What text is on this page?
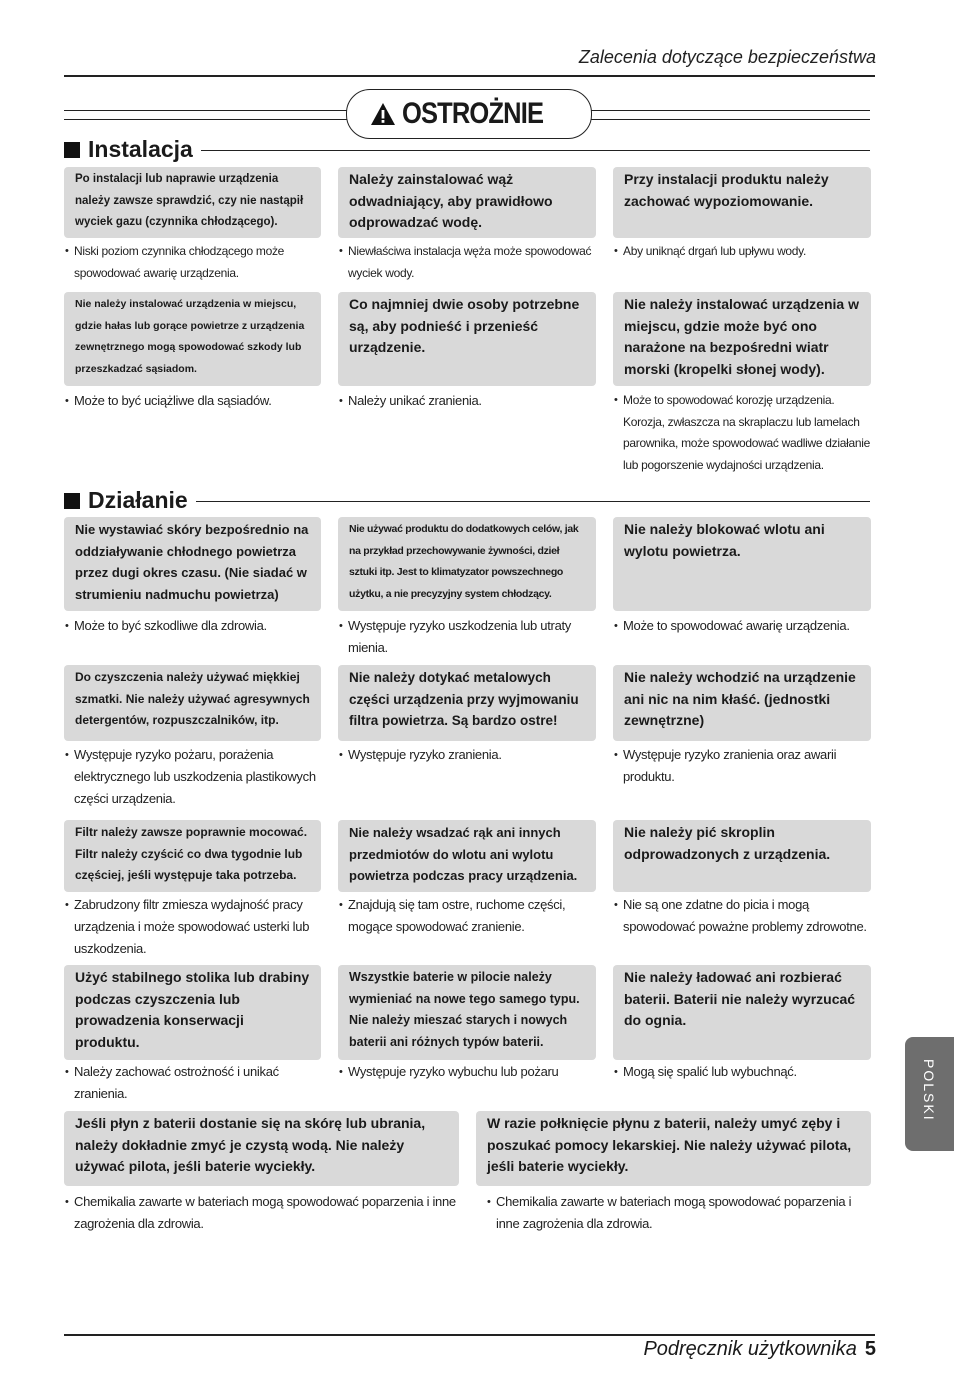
Zalecenia dotyczące bezpieczeństwa
OSTROŻNIE
Instalacja
Po instalacji lub naprawie urządzenia należy zawsze sprawdzić, czy nie nastąpił wyciek gazu (czynnika chłodzącego).
• Niski poziom czynnika chłodzącego może spowodować awarię urządzenia.
Należy zainstalować wąż odwadniający, aby prawidłowo odprowadzać wodę.
• Niewłaściwa instalacja węża może spowodować wyciek wody.
Przy instalacji produktu należy zachować wypoziomowanie.
• Aby uniknąć drgań lub upływu wody.
Nie należy instalować urządzenia w miejscu, gdzie hałas lub gorące powietrze z urządzenia zewnętrznego mogą spowodować szkody lub przeszkadzać sąsiadom.
• Może to być uciążliwe dla sąsiadów.
Co najmniej dwie osoby potrzebne są, aby podnieść i przenieść urządzenie.
• Należy unikać zranienia.
Nie należy instalować urządzenia w miejscu, gdzie może być ono narażone na bezpośredni wiatr morski (kropelki słonej wody).
• Może to spowodować korozję urządzenia. Korozja, zwłaszcza na skraplaczu lub lamelach parownika, może spowodować wadliwe działanie lub pogorszenie wydajności urządzenia.
Działanie
Nie wystawiać skóry bezpośrednio na oddziaływanie chłodnego powietrza przez dugi okres czasu. (Nie siadać w strumieniu nadmuchu powietrza)
• Może to być szkodliwe dla zdrowia.
Nie używać produktu do dodatkowych celów, jak na przykład przechowywanie żywności, dzieł sztuki itp. Jest to klimatyzator powszechnego użytku, a nie precyzyjny system chłodzący.
• Występuje ryzyko uszkodzenia lub utraty mienia.
Nie należy blokować wlotu ani wylotu powietrza.
• Może to spowodować awarię urządzenia.
Do czyszczenia należy używać miękkiej szmatki. Nie należy używać agresywnych detergentów, rozpuszczalników, itp.
• Występuje ryzyko pożaru, porażenia elektrycznego lub uszkodzenia plastikowych części urządzenia.
Nie należy dotykać metalowych części urządzenia przy wyjmowaniu filtra powietrza. Są bardzo ostre!
• Występuje ryzyko zranienia.
Nie należy wchodzić na urządzenie ani nic na nim kłaść. (jednostki zewnętrzne)
• Występuje ryzyko zranienia oraz awarii produktu.
Filtr należy zawsze poprawnie mocować. Filtr należy czyścić co dwa tygodnie lub częściej, jeśli występuje taka potrzeba.
• Zabrudzony filtr zmiesza wydajność pracy urządzenia i może spowodować usterki lub uszkodzenia.
Nie należy wsadzać rąk ani innych przedmiotów do wlotu ani wylotu powietrza podczas pracy urządzenia.
• Znajdują się tam ostre, ruchome części, mogące spowodować zranienie.
Nie należy pić skroplin odprowadzonych z urządzenia.
• Nie są one zdatne do picia i mogą spowodować poważne problemy zdrowotne.
Użyć stabilnego stolika lub drabiny podczas czyszczenia lub prowadzenia konserwacji produktu.
• Należy zachować ostrożność i unikać zranienia.
Wszystkie baterie w pilocie należy wymieniać na nowe tego samego typu. Nie należy mieszać starych i nowych baterii ani różnych typów baterii.
• Występuje ryzyko wybuchu lub pożaru
Nie należy ładować ani rozbierać baterii. Baterii nie należy wyrzucać do ognia.
• Mogą się spalić lub wybuchnąć.
Jeśli płyn z baterii dostanie się na skórę lub ubrania, należy dokładnie zmyć je czystą wodą. Nie należy używać pilota, jeśli baterie wyciekły.
• Chemikalia zawarte w bateriach mogą spowodować poparzenia i inne zagrożenia dla zdrowia.
W razie połknięcie płynu z baterii, należy umyć zęby i poszukać pomocy lekarskiej. Nie należy używać pilota, jeśli baterie wyciekły.
• Chemikalia zawarte w bateriach mogą spowodować poparzenia i inne zagrożenia dla zdrowia.
POLSKI
Podręcznik użytkownika 5
